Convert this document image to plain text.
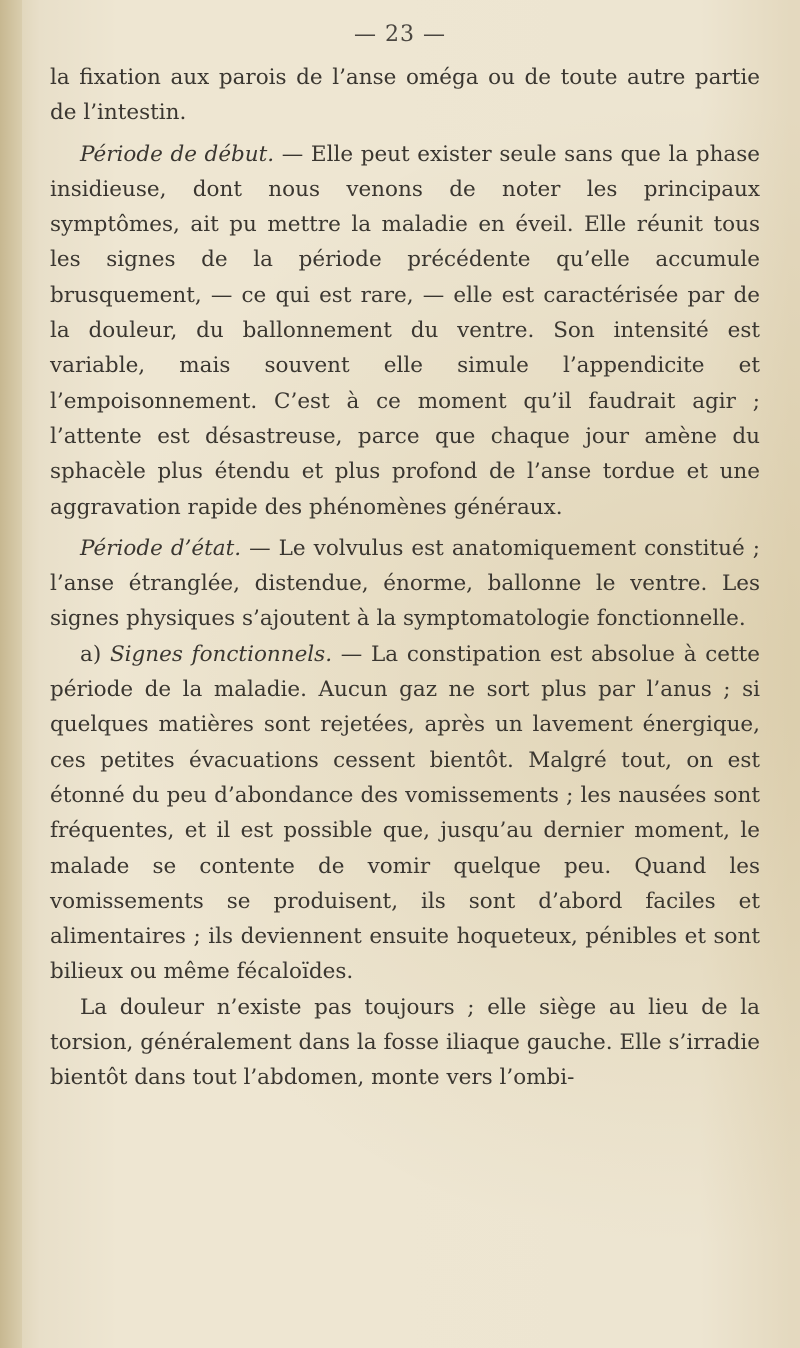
— 23 —

la fixation aux parois de l’anse oméga ou de toute autre partie de l’intestin.

Période de début. — Elle peut exister seule sans que la phase insidieuse, dont nous venons de noter les principaux symptômes, ait pu mettre la maladie en éveil. Elle réunit tous les signes de la période précédente qu’elle accumule brusquement, — ce qui est rare, — elle est caractérisée par de la douleur, du ballonnement du ventre. Son intensité est variable, mais souvent elle simule l’appendicite et l’empoisonnement. C’est à ce moment qu’il faudrait agir ; l’attente est désastreuse, parce que chaque jour amène du sphacèle plus étendu et plus profond de l’anse tordue et une aggravation rapide des phénomènes généraux.

Période d’état. — Le volvulus est anatomiquement constitué ; l’anse étranglée, distendue, énorme, ballonne le ventre. Les signes physiques s’ajoutent à la symptomatologie fonctionnelle.

a) Signes fonctionnels. — La constipation est absolue à cette période de la maladie. Aucun gaz ne sort plus par l’anus ; si quelques matières sont rejetées, après un lavement énergique, ces petites évacuations cessent bientôt. Malgré tout, on est étonné du peu d’abondance des vomissements ; les nausées sont fréquentes, et il est possible que, jusqu’au dernier moment, le malade se contente de vomir quelque peu. Quand les vomissements se produisent, ils sont d’abord faciles et alimentaires ; ils deviennent ensuite hoqueteux, pénibles et sont bilieux ou même fécaloïdes.

La douleur n’existe pas toujours ; elle siège au lieu de la torsion, généralement dans la fosse iliaque gauche. Elle s’irradie bientôt dans tout l’abdomen, monte vers l’ombi-
